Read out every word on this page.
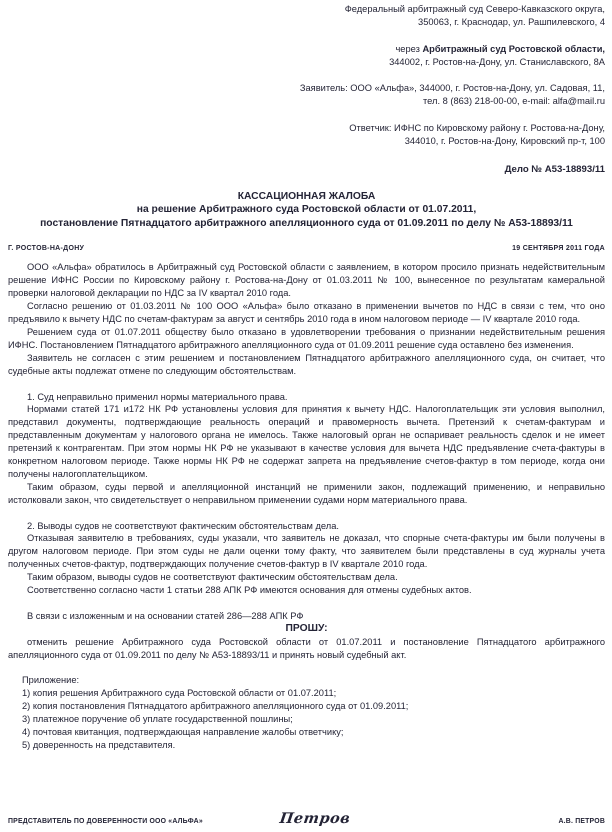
Федеральный арбитражный суд Северо-Кавказского округа,
350063, г. Краснодар, ул. Рашпилевского, 4
через Арбитражный суд Ростовской области,
344002, г. Ростов-на-Дону, ул. Станиславского, 8А
Заявитель: ООО «Альфа», 344000, г. Ростов-на-Дону, ул. Садовая, 11,
тел. 8 (863) 218-00-00, e-mail: alfa@mail.ru
Ответчик: ИФНС по Кировскому району г. Ростова-на-Дону,
344010, г. Ростов-на-Дону, Кировский пр-т, 100
Дело № А53-18893/11
КАССАЦИОННАЯ ЖАЛОБА
на решение Арбитражного суда Ростовской области от 01.07.2011,
постановление Пятнадцатого арбитражного апелляционного суда от 01.09.2011 по делу № А53-18893/11
Г. РОСТОВ-НА-ДОНУ	19 СЕНТЯБРЯ 2011 ГОДА

ООО «Альфа» обратилось в Арбитражный суд Ростовской области с заявлением, в котором просило признать недействительным решение ИФНС России по Кировскому району г. Ростова-на-Дону от 01.03.2011 № 100, вынесенное по результатам камеральной проверки налоговой декларации по НДС за IV квартал 2010 года.

Согласно решению от 01.03.2011 № 100 ООО «Альфа» было отказано в применении вычетов по НДС в связи с тем, что оно предъявило к вычету НДС по счетам-фактурам за август и сентябрь 2010 года в ином налоговом периоде — IV квартале 2010 года.

Решением суда от 01.07.2011 обществу было отказано в удовлетворении требования о признании недействительным решения ИФНС. Постановлением Пятнадцатого арбитражного апелляционного суда от 01.09.2011 решение суда оставлено без изменения.

Заявитель не согласен с этим решением и постановлением Пятнадцатого арбитражного апелляционного суда, он считает, что судебные акты подлежат отмене по следующим обстоятельствам.

1. Суд неправильно применил нормы материального права.

Нормами статей 171 и172 НК РФ установлены условия для принятия к вычету НДС. Налогоплательщик эти условия выполнил, представил документы, подтверждающие реальность операций и правомерность вычета. Претензий к счетам-фактурам и представленным документам у налогового органа не имелось. Также налоговый орган не оспаривает реальность сделок и не имеет претензий к контрагентам. При этом нормы НК РФ не указывают в качестве условия для вычета НДС предъявление счета-фактуры в конкретном налоговом периоде. Также нормы НК РФ не содержат запрета на предъявление счетов-фактур в том периоде, когда они получены налогоплательщиком.

Таким образом, суды первой и апелляционной инстанций не применили закон, подлежащий применению, и неправильно истолковали закон, что свидетельствует о неправильном применении судами норм материального права.

2. Выводы судов не соответствуют фактическим обстоятельствам дела.

Отказывая заявителю в требованиях, суды указали, что заявитель не доказал, что спорные счета-фактуры им были получены в другом налоговом периоде. При этом суды не дали оценки тому факту, что заявителем были представлены в суд журналы учета полученных счетов-фактур, подтверждающих получение счетов-фактур в IV квартале 2010 года.

Таким образом, выводы судов не соответствуют фактическим обстоятельствам дела.

Соответственно согласно части 1 статьи 288 АПК РФ имеются основания для отмены судебных актов.

В связи с изложенным и на основании статей 286—288 АПК РФ

ПРОШУ:

отменить решение Арбитражного суда Ростовской области от 01.07.2011 и постановление Пятнадцатого арбитражного апелляционного суда от 01.09.2011 по делу № А53-18893/11 и принять новый судебный акт.

Приложение:
1) копия решения Арбитражного суда Ростовской области от 01.07.2011;
2) копия постановления Пятнадцатого арбитражного апелляционного суда от 01.09.2011;
3) платежное поручение об уплате государственной пошлины;
4) почтовая квитанция, подтверждающая направление жалобы ответчику;
5) доверенность на представителя.
ПРЕДСТАВИТЕЛЬ ПО ДОВЕРЕННОСТИ ООО «АЛЬФА»	Петров	А.В. ПЕТРОВ
